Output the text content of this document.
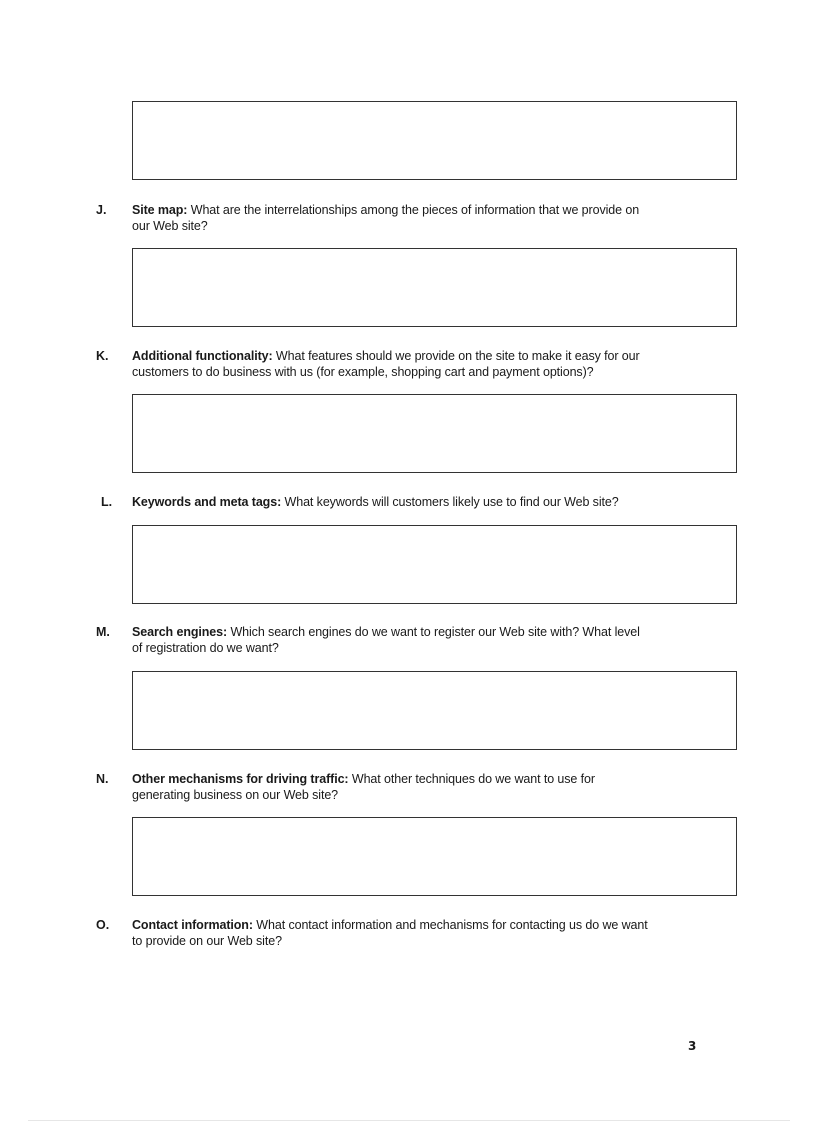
J. Site map: What are the interrelationships among the pieces of information that we provide on
our Web site?
K. Additional functionality: What features should we provide on the site to make it easy for our
customers to do business with us (for example, shopping cart and payment options)?
L. Keywords and meta tags: What keywords will customers likely use to find our Web site?
M. Search engines: Which search engines do we want to register our Web site with? What level
of registration do we want?
N. Other mechanisms for driving traffic: What other techniques do we want to use for
generating business on our Web site?
O. Contact information: What contact information and mechanisms for contacting us do we want
to provide on our Web site?
3
